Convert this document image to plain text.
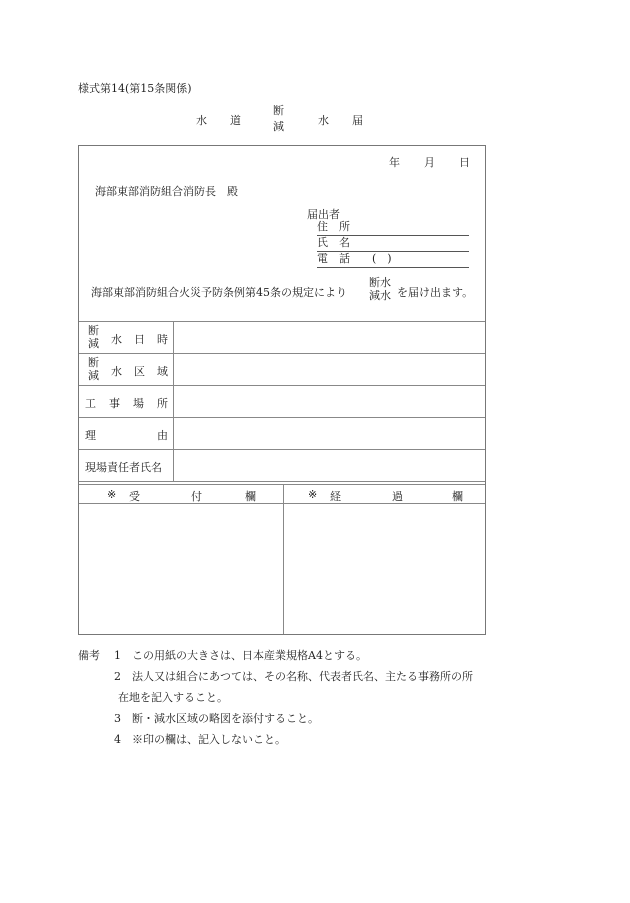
様式第14(第15条関係)
水 道
断
減	水 届
年 月 日
海部東部消防組合消防長　殿
届出者
住 所
氏 名
電 話 (　)
海部東部消防組合火災予防条例第45条の規定により
断水
減水 を届け出ます。
断
減 水 日 時
断
減 水 区 域
工 事 場 所
理	由
現場責任者氏名
※ 受	付	欄	※ 経	過	欄
備考 1 この用紙の大きさは、日本産業規格A4とする。
2 法人又は組合にあつては、その名称、代表者氏名、主たる事務所の所

在地を記入すること。

3 断・減水区域の略図を添付すること。

4 ※印の欄は、記入しないこと。
